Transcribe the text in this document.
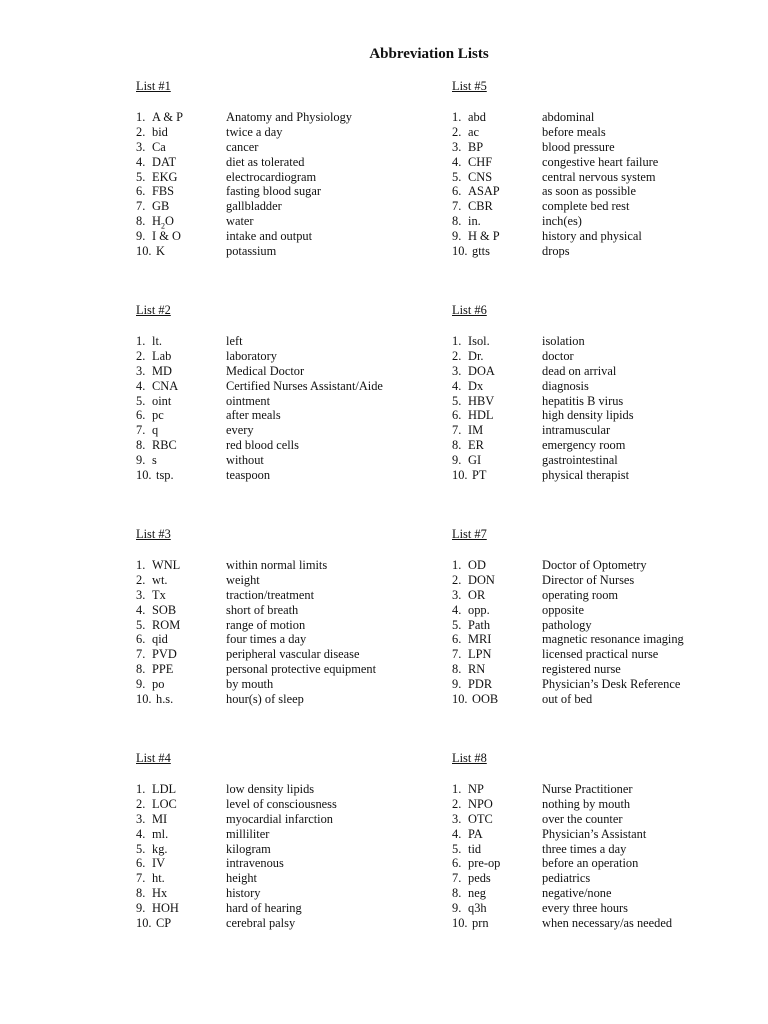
Abbreviation Lists
List #1
1. A & P	Anatomy and Physiology
2. bid	twice a day
3. Ca	cancer
4. DAT	diet as tolerated
5. EKG	electrocardiogram
6. FBS	fasting blood sugar
7. GB	gallbladder
8. $H_2O$	water
9. I & O	intake and output
10. K	potassium
List #5
1. abd	abdominal
2. ac	before meals
3. BP	blood pressure
4. CHF	congestive heart failure
5. CNS	central nervous system
6. ASAP	as soon as possible
7. CBR	complete bed rest
8. in.	inch(es)
9. H & P	history and physical
10. gtts	drops
List #2
1. lt.	left
2. Lab	laboratory
3. MD	Medical Doctor
4. CNA	Certified Nurses Assistant/Aide
5. oint	ointment
6. pc	after meals
7. q	every
8. RBC	red blood cells
9. s	without
10. tsp.	teaspoon
List #6
1. Isol.	isolation
2. Dr.	doctor
3. DOA	dead on arrival
4. Dx	diagnosis
5. HBV	hepatitis B virus
6. HDL	high density lipids
7. IM	intramuscular
8. ER	emergency room
9. GI	gastrointestinal
10. PT	physical therapist
List #3
1. WNL	within normal limits
2. wt.	weight
3. Tx	traction/treatment
4. SOB	short of breath
5. ROM	range of motion
6. qid	four times a day
7. PVD	peripheral vascular disease
8. PPE	personal protective equipment
9. po	by mouth
10. h.s.	hour(s) of sleep
List #7
1. OD	Doctor of Optometry
2. DON	Director of Nurses
3. OR	operating room
4. opp.	opposite
5. Path	pathology
6. MRI	magnetic resonance imaging
7. LPN	licensed practical nurse
8. RN	registered nurse
9. PDR	Physician’s Desk Reference
10. OOB	out of bed
List #4
1. LDL	low density lipids
2. LOC	level of consciousness
3. MI	myocardial infarction
4. ml.	milliliter
5. kg.	kilogram
6. IV	intravenous
7. ht.	height
8. Hx	history
9. HOH	hard of hearing
10. CP	cerebral palsy
List #8
1. NP	Nurse Practitioner
2. NPO	nothing by mouth
3. OTC	over the counter
4. PA	Physician’s Assistant
5. tid	three times a day
6. pre-op	before an operation
7. peds	pediatrics
8. neg	negative/none
9. q3h	every three hours
10. prn	when necessary/as needed
